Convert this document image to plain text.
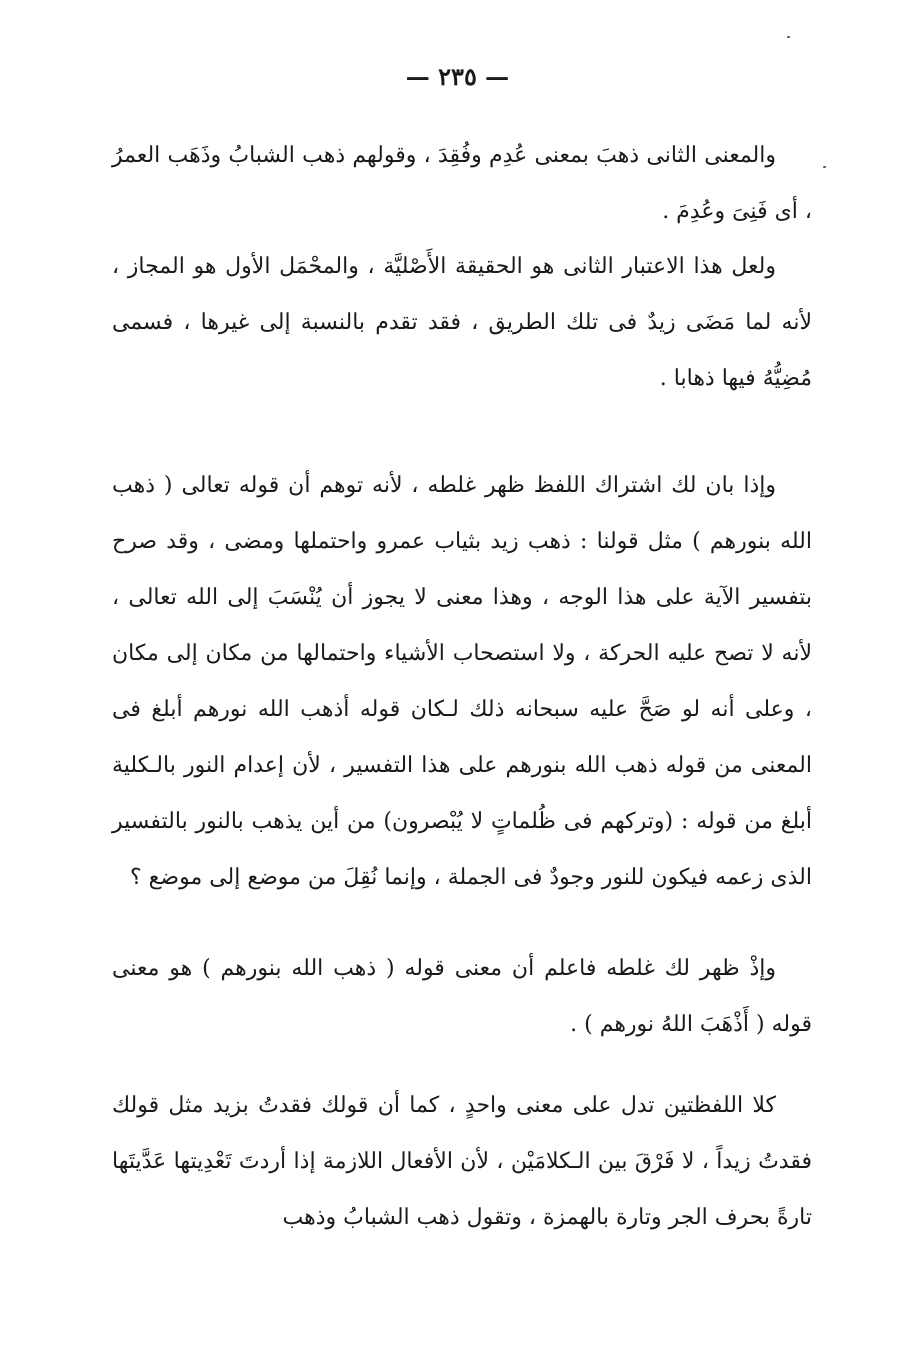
— ٢٣٥ —

والمعنى الثانى ذهبَ بمعنى عُدِم وفُقِدَ ، وقولهم ذهب الشبابُ وذَهَب العمرُ ، أى فَنِىَ وعُدِمَ .

ولعل هذا الاعتبار الثانى هو الحقيقة الأَصْليَّة ، والمحْمَل الأول هو المجاز ، لأنه لما مَضَى زيدٌ فى تلك الطريق ، فقد تقدم بالنسبة إلى غيرها ، فسمى مُضِيُّهُ فيها ذهابا .

وإذا بان لك اشتراك اللفظ ظهر غلطه ، لأنه توهم أن قوله تعالى ( ذهب الله بنورهم ) مثل قولنا : ذهب زيد بثياب عمرو واحتملها ومضى ، وقد صرح بتفسير الآية على هذا الوجه ، وهذا معنى لا يجوز أن يُنْسَبَ إلى الله تعالى ، لأنه لا تصح عليه الحركة ، ولا استصحاب الأشياء واحتمالها من مكان إلى مكان ، وعلى أنه لو صَحَّ عليه سبحانه ذلك لـكان قوله أذهب الله نورهم أبلغ فى المعنى من قوله ذهب الله بنورهم على هذا التفسير ، لأن إعدام النور بالـكلية أبلغ من قوله : (وتركهم فى ظُلماتٍ لا يُبْصرون) من أين يذهب بالنور بالتفسير الذى زعمه فيكون للنور وجودٌ فى الجملة ، وإنما نُقِلَ من موضع إلى موضع ؟

وإذْ ظهر لك غلطه فاعلم أن معنى قوله ( ذهب الله بنورهم ) هو معنى قوله ( أَذْهَبَ اللهُ نورهم ) .

كلا اللفظتين تدل على معنى واحدٍ ، كما أن قولك فقدتُ بزيد مثل قولك فقدتُ زيداً ، لا فَرْقَ بين الـكلامَيْن ، لأن الأفعال اللازمة إذا أردتَ تَعْدِيتها عَدَّيتَها تارةً بحرف الجر وتارة بالهمزة ، وتقول ذهب الشبابُ وذهب
